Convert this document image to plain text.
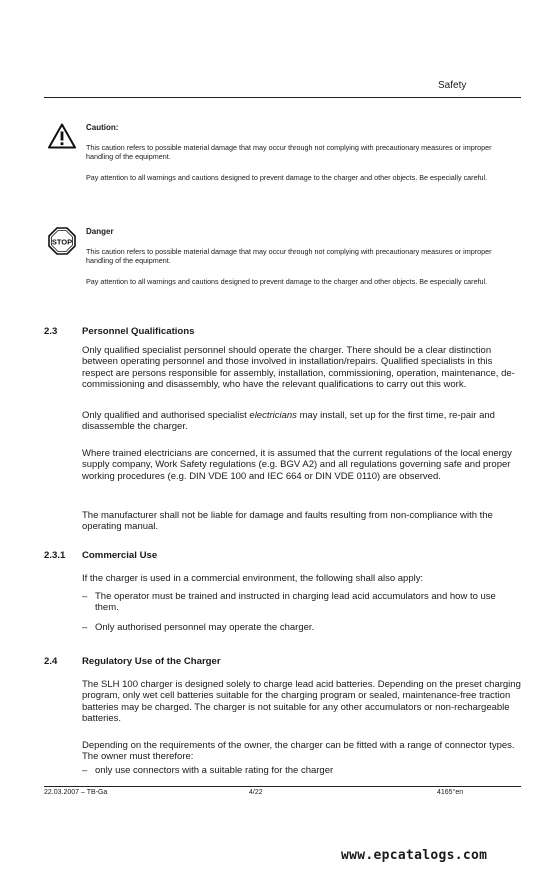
Safety
Caution:
This caution refers to possible material damage that may occur through not complying with precautionary measures or improper handling of the equipment.
Pay attention to all warnings and cautions designed to prevent damage to the charger and other objects. Be especially careful.
STOP
Danger
This caution refers to possible material damage that may occur through not complying with precautionary measures or improper handling of the equipment.
Pay attention to all warnings and cautions designed to prevent damage to the charger and other objects. Be especially careful.
2.3	Personnel Qualifications
Only qualified specialist personnel should operate the charger. There should be a clear distinction between operating personnel and those involved in installation/repairs. Qualified specialists in this respect are persons responsible for assembly, installation, commissioning, operation, maintenance, de-commissioning and disassembly, who have the relevant qualifications to carry out this work.
Only qualified and authorised specialist electricians may install, set up for the first time, re-pair and disassemble the charger.
Where trained electricians are concerned, it is assumed that the current regulations of the local energy supply company, Work Safety regulations (e.g. BGV A2) and all regulations governing safe and proper working procedures (e.g. DIN VDE 100 and IEC 664 or DIN VDE 0110) are observed.
The manufacturer shall not be liable for damage and faults resulting from non-compliance with the operating manual.
2.3.1 Commercial Use
If the charger is used in a commercial environment, the following shall also apply:
– The operator must be trained and instructed in charging lead acid accumulators and how to use them.
– Only authorised personnel may operate the charger.
2.4	Regulatory Use of the Charger
The SLH 100 charger is designed solely to charge lead acid batteries. Depending on the preset charging program, only wet cell batteries suitable for the charging program or sealed, maintenance-free traction batteries may be charged. The charger is not suitable for any other accumulators or non-rechargeable batteries.
Depending on the requirements of the owner, the charger can be fitted with a range of connector types. The owner must therefore:
– only use connectors with a suitable rating for the charger
22.03.2007 – TB-Ga	4/22	4165°en
www.epcatalogs.com
